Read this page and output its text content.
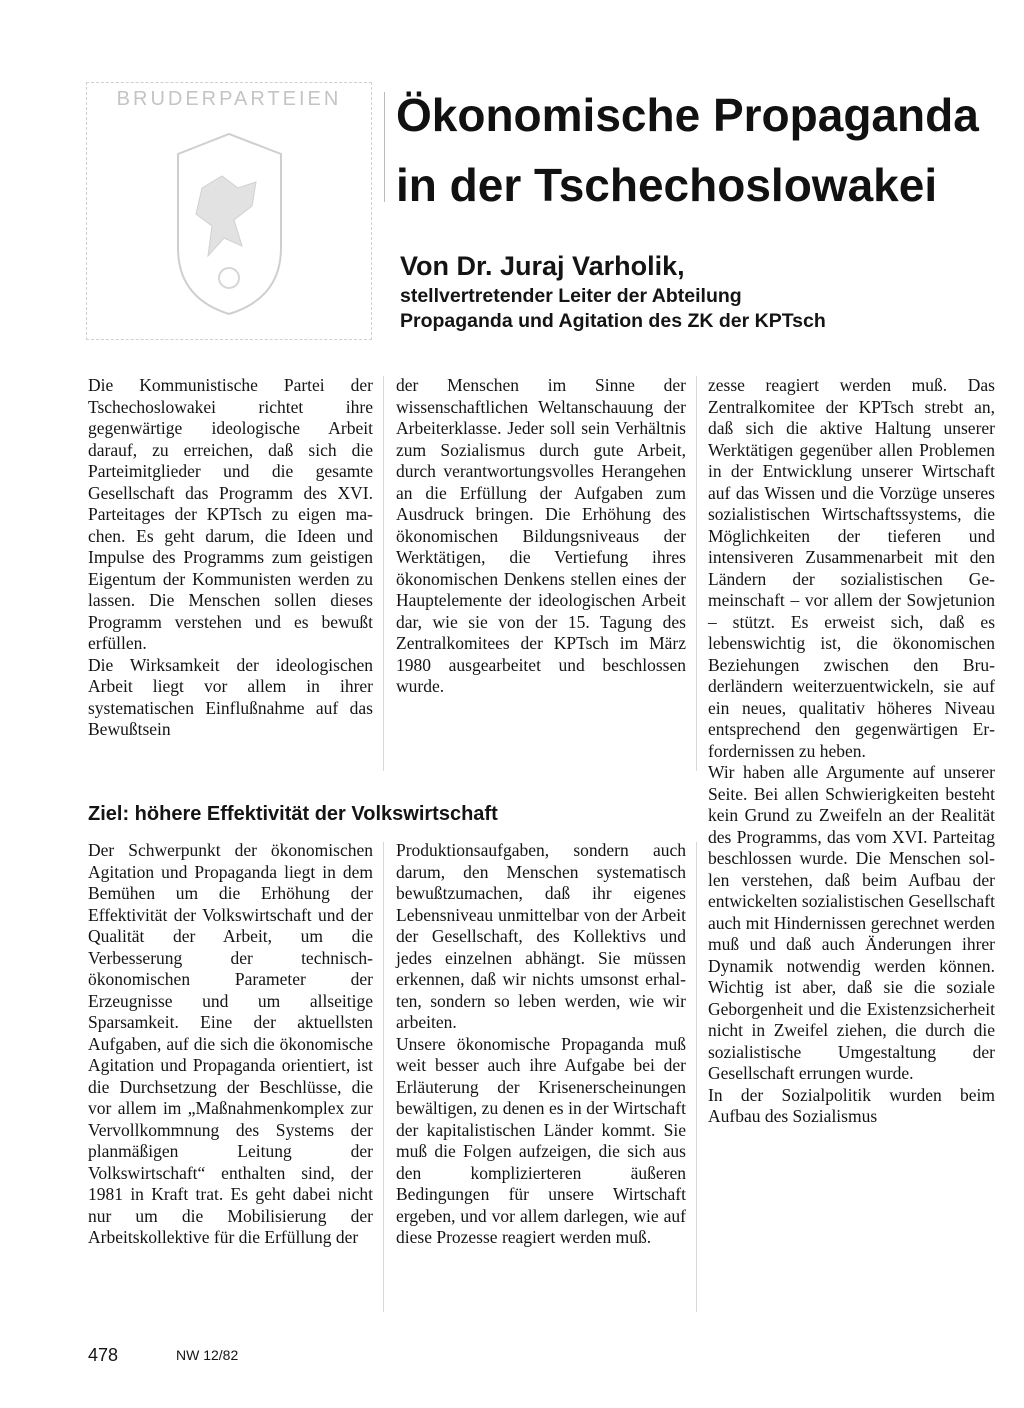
BRUDERPARTEIEN Ökonomische Propaganda
in der Tschechoslowakei
Von Dr. Juraj Varholik,
stellvertretender Leiter der Abteilung
Propaganda und Agitation des ZK der KPTsch

Die Kommunistische Partei der Tschechoslowakei richtet ihre gegenwärtige ideologische Arbeit darauf, zu erreichen, daß sich die Parteimitglieder und die gesamte Gesellschaft das Programm des XVI. Parteitages der KPTsch zu eigen machen. Es geht darum, die Ideen und Impulse des Programms zum geistigen Eigentum der Kommunisten werden zu lassen. Die Menschen sollen dieses Programm verstehen und es bewußt erfüllen.

Die Wirksamkeit der ideologischen Arbeit liegt vor allem in ihrer systematischen Einflußnahme auf das Bewußtsein

der Menschen im Sinne der wissenschaftlichen Weltanschauung der Arbeiterklasse. Jeder soll sein Verhältnis zum Sozialismus durch gute Arbeit, durch verantwortungsvolles Herangehen an die Erfüllung der Aufgaben zum Ausdruck bringen. Die Erhöhung des ökonomischen Bildungsniveaus der Werktätigen, die Vertiefung ihres ökonomischen Denkens stellen eines der Hauptelemente der ideologischen Arbeit dar, wie sie von der 15. Tagung des Zentralkomitees der KPTsch im März 1980 ausgearbeitet und beschlossen wurde.

Ziel: höhere Effektivität der Volkswirtschaft

Der Schwerpunkt der ökonomischen Agitation und Propaganda liegt in dem Bemühen um die Erhöhung der Effektivität der Volkswirtschaft und der Qualität der Arbeit, um die Verbesserung der technisch-ökonomischen Parameter der Erzeugnisse und um allseitige Sparsamkeit. Eine der aktuellsten Aufgaben, auf die sich die ökonomische Agitation und Propaganda orientiert, ist die Durchsetzung der Beschlüsse, die vor allem im „Maßnahmenkomplex zur Vervollkommnung des Systems der planmäßigen Leitung der Volkswirtschaft“ enthalten sind, der 1981 in Kraft trat. Es geht dabei nicht nur um die Mobilisierung der Arbeitskollektive für die Erfüllung der

Produktionsaufgaben, sondern auch darum, den Menschen systematisch bewußtzumachen, daß ihr eigenes Lebensniveau unmittelbar von der Arbeit der Gesellschaft, des Kollektivs und jedes einzelnen abhängt. Sie müssen erkennen, daß wir nichts umsonst erhalten, sondern so leben werden, wie wir arbeiten.

Unsere ökonomische Propaganda muß weit besser auch ihre Aufgabe bei der Erläuterung der Krisenerscheinungen bewältigen, zu denen es in der Wirtschaft der kapitalistischen Länder kommt. Sie muß die Folgen aufzeigen, die sich aus den komplizierteren äußeren Bedingungen für unsere Wirtschaft ergeben, und vor allem darlegen, wie auf diese Prozesse reagiert werden muß.

zesse reagiert werden muß. Das Zentralkomitee der KPTsch strebt an, daß sich die aktive Haltung unserer Werktätigen gegenüber allen Problemen in der Entwicklung unserer Wirtschaft auf das Wissen und die Vorzüge unseres sozialistischen Wirtschaftssystems, die Möglichkeiten der tieferen und intensiveren Zusammenarbeit mit den Ländern der sozialistischen Gemeinschaft – vor allem der Sowjetunion – stützt. Es erweist sich, daß es lebenswichtig ist, die ökonomischen Beziehungen zwischen den Bruderländern weiterzuentwickeln, sie auf ein neues, qualitativ höheres Niveau entsprechend den gegenwärtigen Erfordernissen zu heben.

Wir haben alle Argumente auf unserer Seite. Bei allen Schwierigkeiten besteht kein Grund zu Zweifeln an der Realität des Programms, das vom XVI. Parteitag beschlossen wurde. Die Menschen sollen verstehen, daß beim Aufbau der entwickelten sozialistischen Gesellschaft auch mit Hindernissen gerechnet werden muß und daß auch Änderungen ihrer Dynamik notwendig werden können. Wichtig ist aber, daß sie die soziale Geborgenheit und die Existenzsicherheit nicht in Zweifel ziehen, die durch die sozialistische Umgestaltung der Gesellschaft errungen wurde.

In der Sozialpolitik wurden beim Aufbau des Sozialismus

478	NW 12/82
